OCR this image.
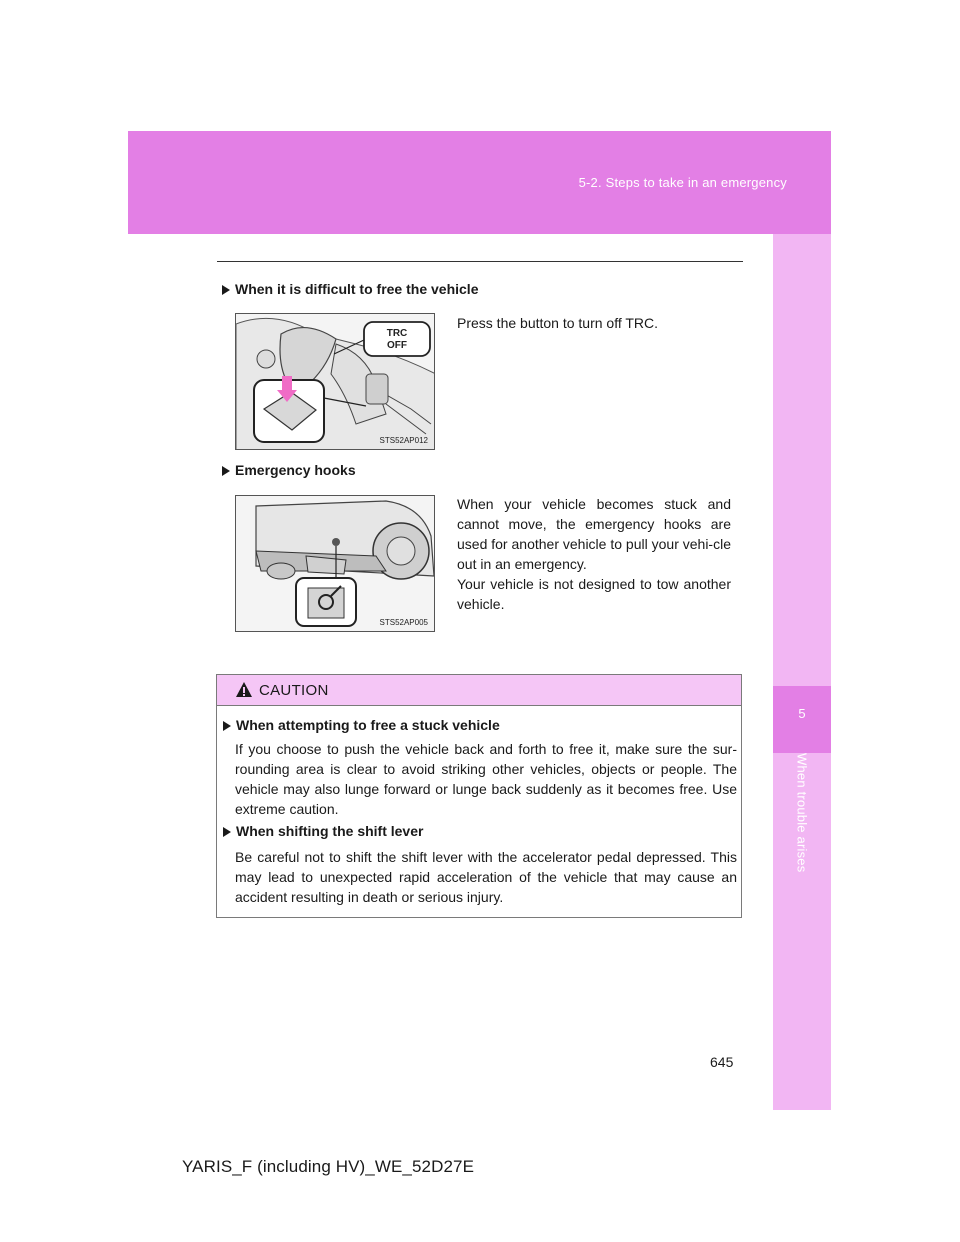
5-2. Steps to take in an emergency
5
When trouble arises
When it is difficult to free the vehicle
TRC
OFF
STS52AP012
Press the button to turn off TRC.
Emergency hooks
STS52AP005
When your vehicle becomes stuck and cannot move, the emergency hooks are used for another vehicle to pull your vehi-cle out in an emergency.
Your vehicle is not designed to tow another vehicle.
CAUTION
When attempting to free a stuck vehicle
If you choose to push the vehicle back and forth to free it, make sure the sur-rounding area is clear to avoid striking other vehicles, objects or people. The vehicle may also lunge forward or lunge back suddenly as it becomes free. Use extreme caution.
When shifting the shift lever
Be careful not to shift the shift lever with the accelerator pedal depressed. This may lead to unexpected rapid acceleration of the vehicle that may cause an accident resulting in death or serious injury.
645
YARIS_F (including HV)_WE_52D27E
